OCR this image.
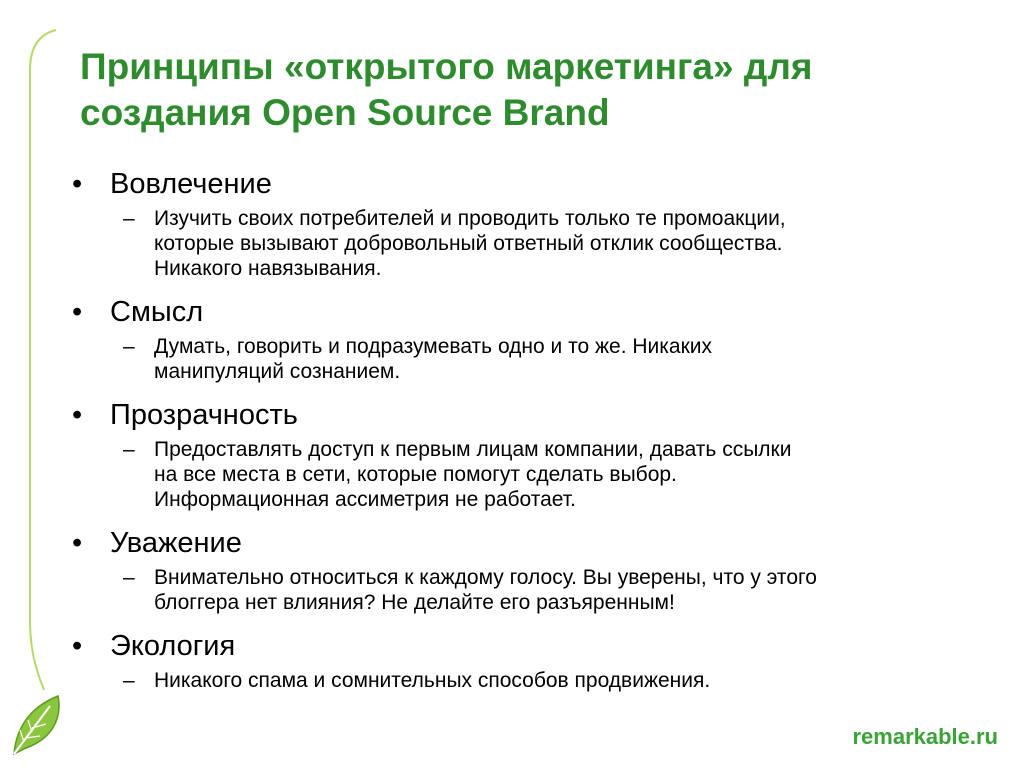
Принципы «открытого маркетинга» для
создания Open Source Brand
• Вовлечение
– Изучить своих потребителей и проводить только те промоакции,
которые вызывают добровольный ответный отклик сообщества.
Никакого навязывания.
• Смысл
– Думать, говорить и подразумевать одно и то же. Никаких
манипуляций сознанием.
• Прозрачность
– Предоставлять доступ к первым лицам компании, давать ссылки
на все места в сети, которые помогут сделать выбор.
Информационная ассиметрия не работает.
• Уважение
– Внимательно относиться к каждому голосу. Вы уверены, что у этого
блоггера нет влияния? Не делайте его разъяренным!
• Экология
– Никакого спама и сомнительных способов продвижения.
remarkable.ru
